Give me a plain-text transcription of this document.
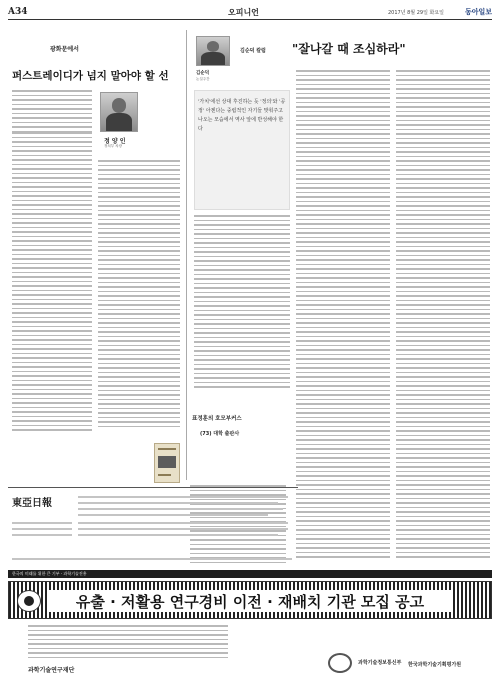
A34	오피니언	2017년 8월 29일 화요일	동아일보
광화문에서
퍼스트레이디가 넘지 말아야 할 선
정 양 인
정치부 차장
김순덕
논설주간
김순덕 칼럼 "잘나갈 때 조심하라"
'가치'에선 상대 후진하는 듯 '정의'와 '공정' 아젠다는 중립적인 자기들 맞춰주고 나오는 모습에서 역사 앞에 반성해야 한다
표정훈의 호모부커스
(73) 대학 출판사
東亞日報
한국의 미래를 위한 큰 기부 · 과학기술진흥
유출 · 저활용 연구경비 이전 · 재배치 기관 모집 공고
과학기술연구재단
과학기술정보통신부 한국과학기술기획평가원
